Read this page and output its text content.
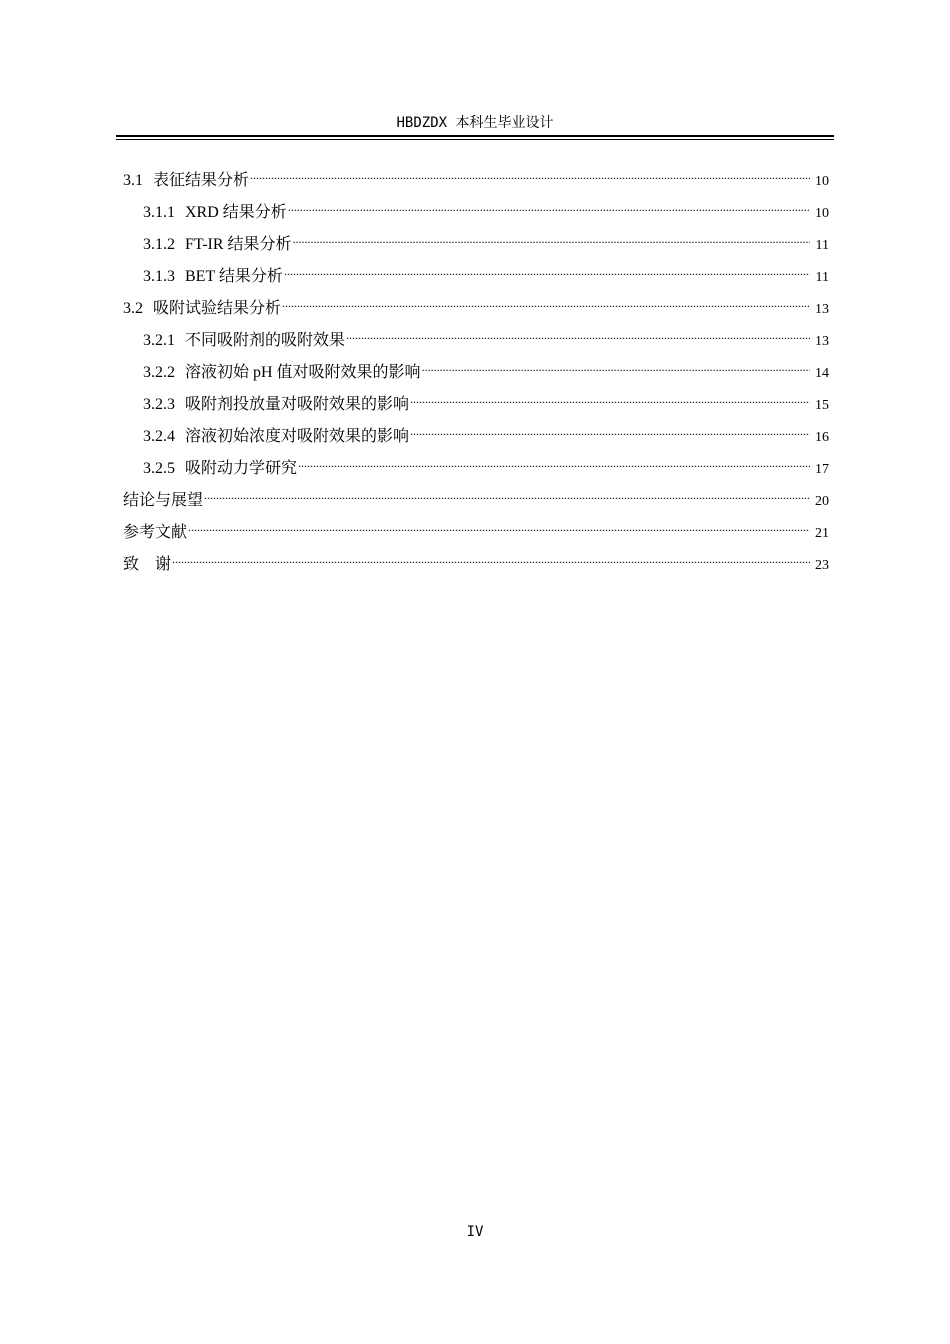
HBDZDX 本科生毕业设计
3.1 表征结果分析 .....	10
3.1.1 XRD 结果分析 .....	10
3.1.2 FT-IR 结果分析 .....	11
3.1.3 BET 结果分析 .....	11
3.2 吸附试验结果分析 .....	13
3.2.1 不同吸附剂的吸附效果 .....	13
3.2.2 溶液初始 pH 值对吸附效果的影响 .....	14
3.2.3 吸附剂投放量对吸附效果的影响 .....	15
3.2.4 溶液初始浓度对吸附效果的影响 .....	16
3.2.5 吸附动力学研究 .....	17
结论与展望 .....	20
参考文献 .....	21
致　谢 .....	23
IV
